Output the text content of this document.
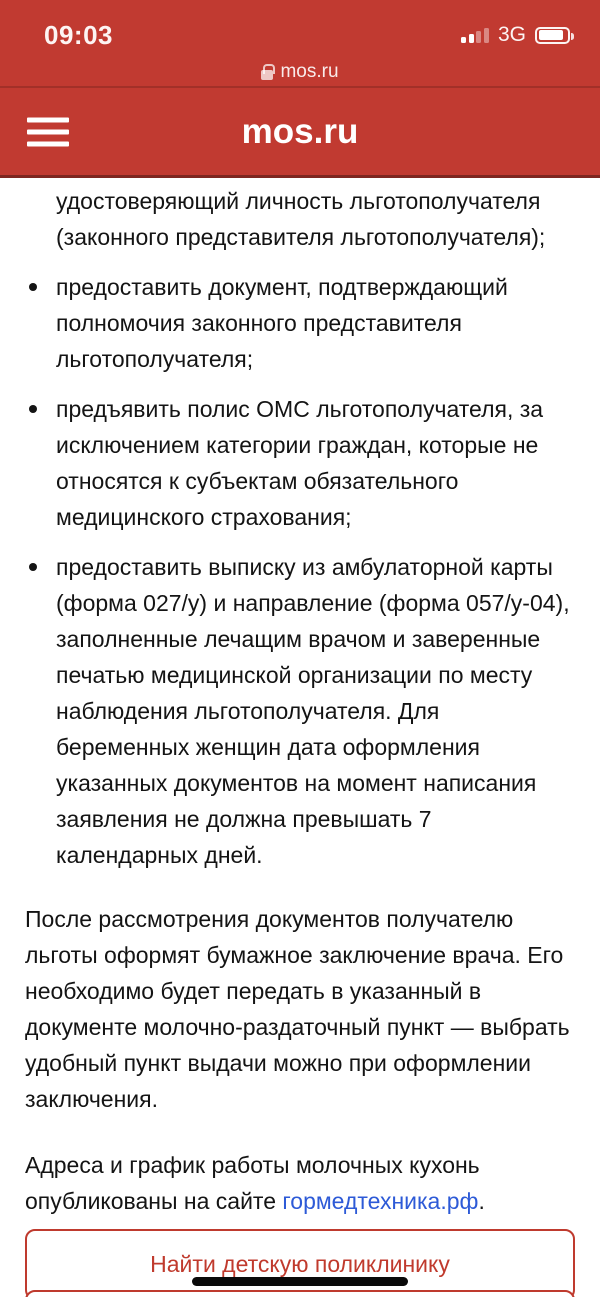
09:03	3G
mos.ru
mos.ru
удостоверяющий личность льготополучателя (законного представителя льготополучателя);
предоставить документ, подтверждающий полномочия законного представителя льготополучателя;
предъявить полис ОМС льготополучателя, за исключением категории граждан, которые не относятся к субъектам обязательного медицинского страхования;
предоставить выписку из амбулаторной карты (форма 027/у) и направление (форма 057/у-04), заполненные лечащим врачом и заверенные печатью медицинской организации по месту наблюдения льготополучателя. Для беременных женщин дата оформления указанных документов на момент написания заявления не должна превышать 7 календарных дней.

После рассмотрения документов получателю льготы оформят бумажное заключение врача. Его необходимо будет передать в указанный в документе молочно-раздаточный пункт — выбрать удобный пункт выдачи можно при оформлении заключения.

Адреса и график работы молочных кухонь опубликованы на сайте гормедтехника.рф.

Найти детскую поликлинику
